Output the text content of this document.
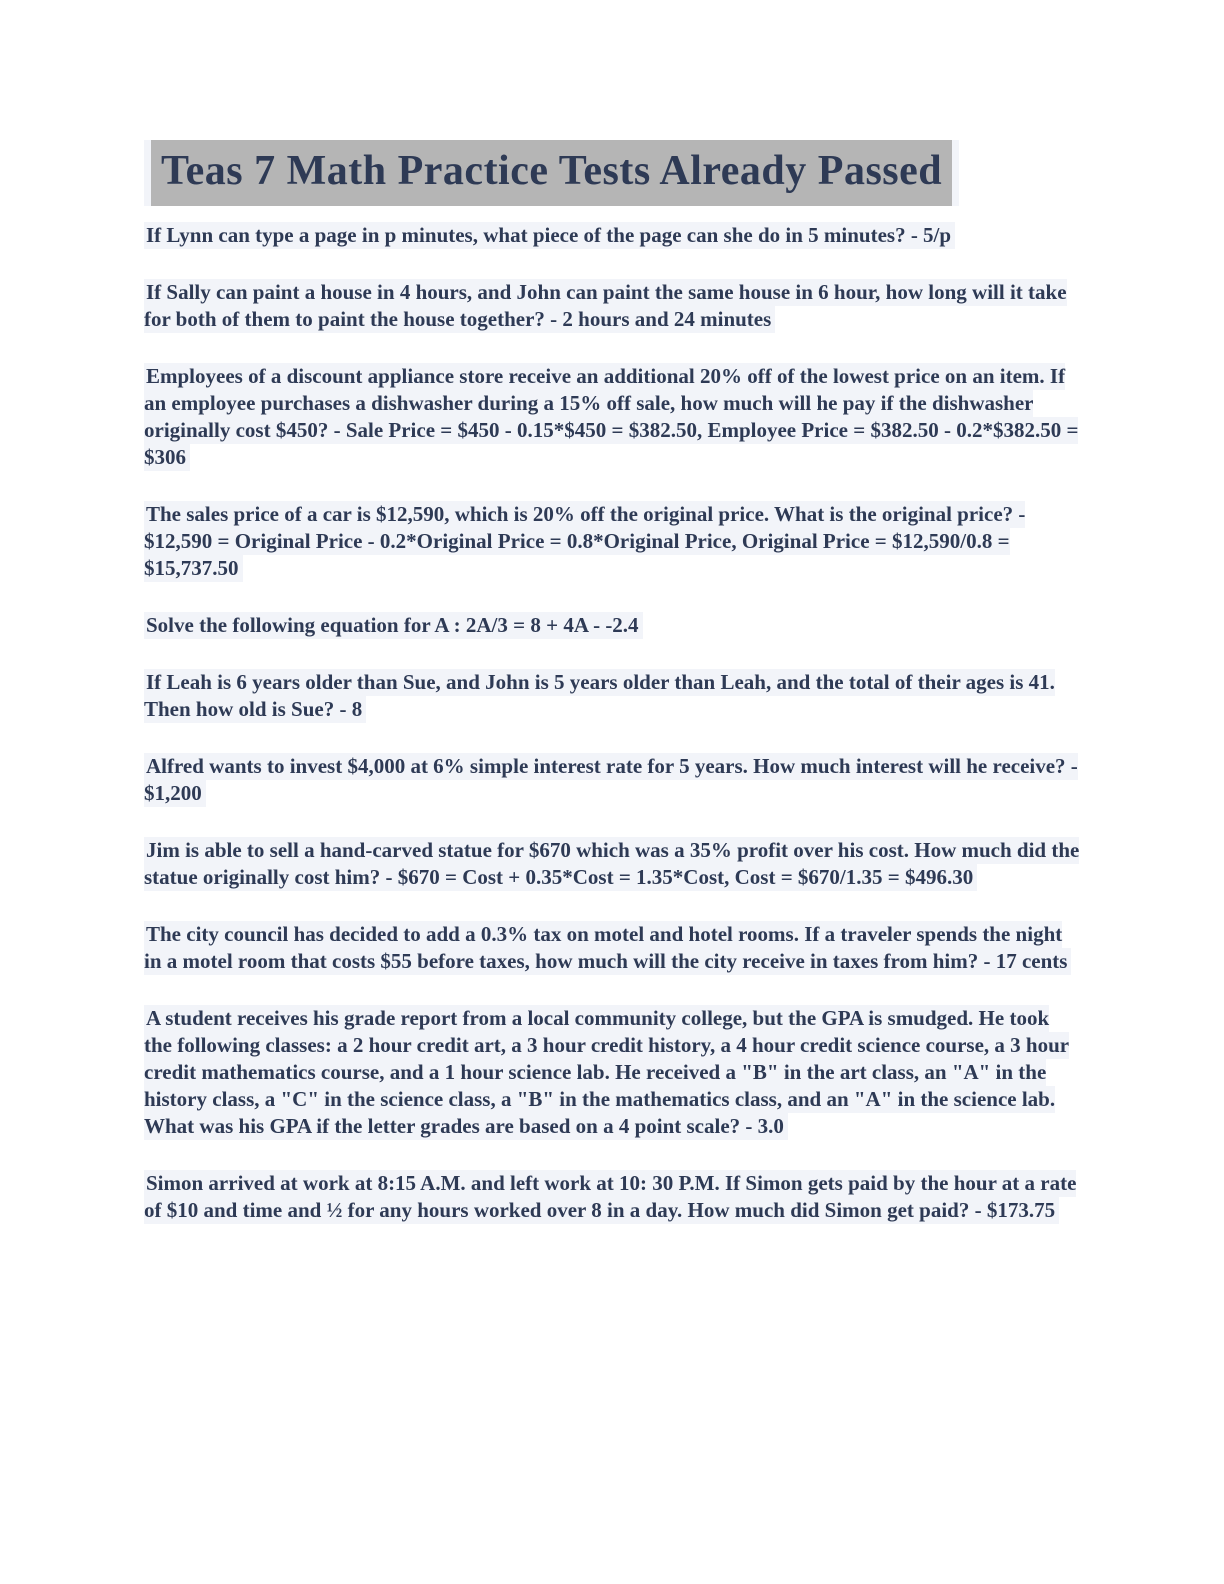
Teas 7 Math Practice Tests Already Passed

If Lynn can type a page in p minutes, what piece of the page can she do in 5 minutes? - 5/p

If Sally can paint a house in 4 hours, and John can paint the same house in 6 hour, how long will it take for both of them to paint the house together? - 2 hours and 24 minutes

Employees of a discount appliance store receive an additional 20% off of the lowest price on an item. If an employee purchases a dishwasher during a 15% off sale, how much will he pay if the dishwasher originally cost $450? - Sale Price = $450 - 0.15*$450 = $382.50, Employee Price = $382.50 - 0.2*$382.50 = $306

The sales price of a car is $12,590, which is 20% off the original price. What is the original price? - $12,590 = Original Price - 0.2*Original Price = 0.8*Original Price, Original Price = $12,590/0.8 = $15,737.50

Solve the following equation for A : 2A/3 = 8 + 4A - -2.4

If Leah is 6 years older than Sue, and John is 5 years older than Leah, and the total of their ages is 41. Then how old is Sue? - 8

Alfred wants to invest $4,000 at 6% simple interest rate for 5 years. How much interest will he receive? - $1,200

Jim is able to sell a hand-carved statue for $670 which was a 35% profit over his cost. How much did the statue originally cost him? - $670 = Cost + 0.35*Cost = 1.35*Cost, Cost = $670/1.35 = $496.30

The city council has decided to add a 0.3% tax on motel and hotel rooms. If a traveler spends the night in a motel room that costs $55 before taxes, how much will the city receive in taxes from him? - 17 cents

A student receives his grade report from a local community college, but the GPA is smudged. He took the following classes: a 2 hour credit art, a 3 hour credit history, a 4 hour credit science course, a 3 hour credit mathematics course, and a 1 hour science lab. He received a "B" in the art class, an "A" in the history class, a "C" in the science class, a "B" in the mathematics class, and an "A" in the science lab. What was his GPA if the letter grades are based on a 4 point scale? - 3.0

Simon arrived at work at 8:15 A.M. and left work at 10: 30 P.M. If Simon gets paid by the hour at a rate of $10 and time and ½ for any hours worked over 8 in a day. How much did Simon get paid? - $173.75
